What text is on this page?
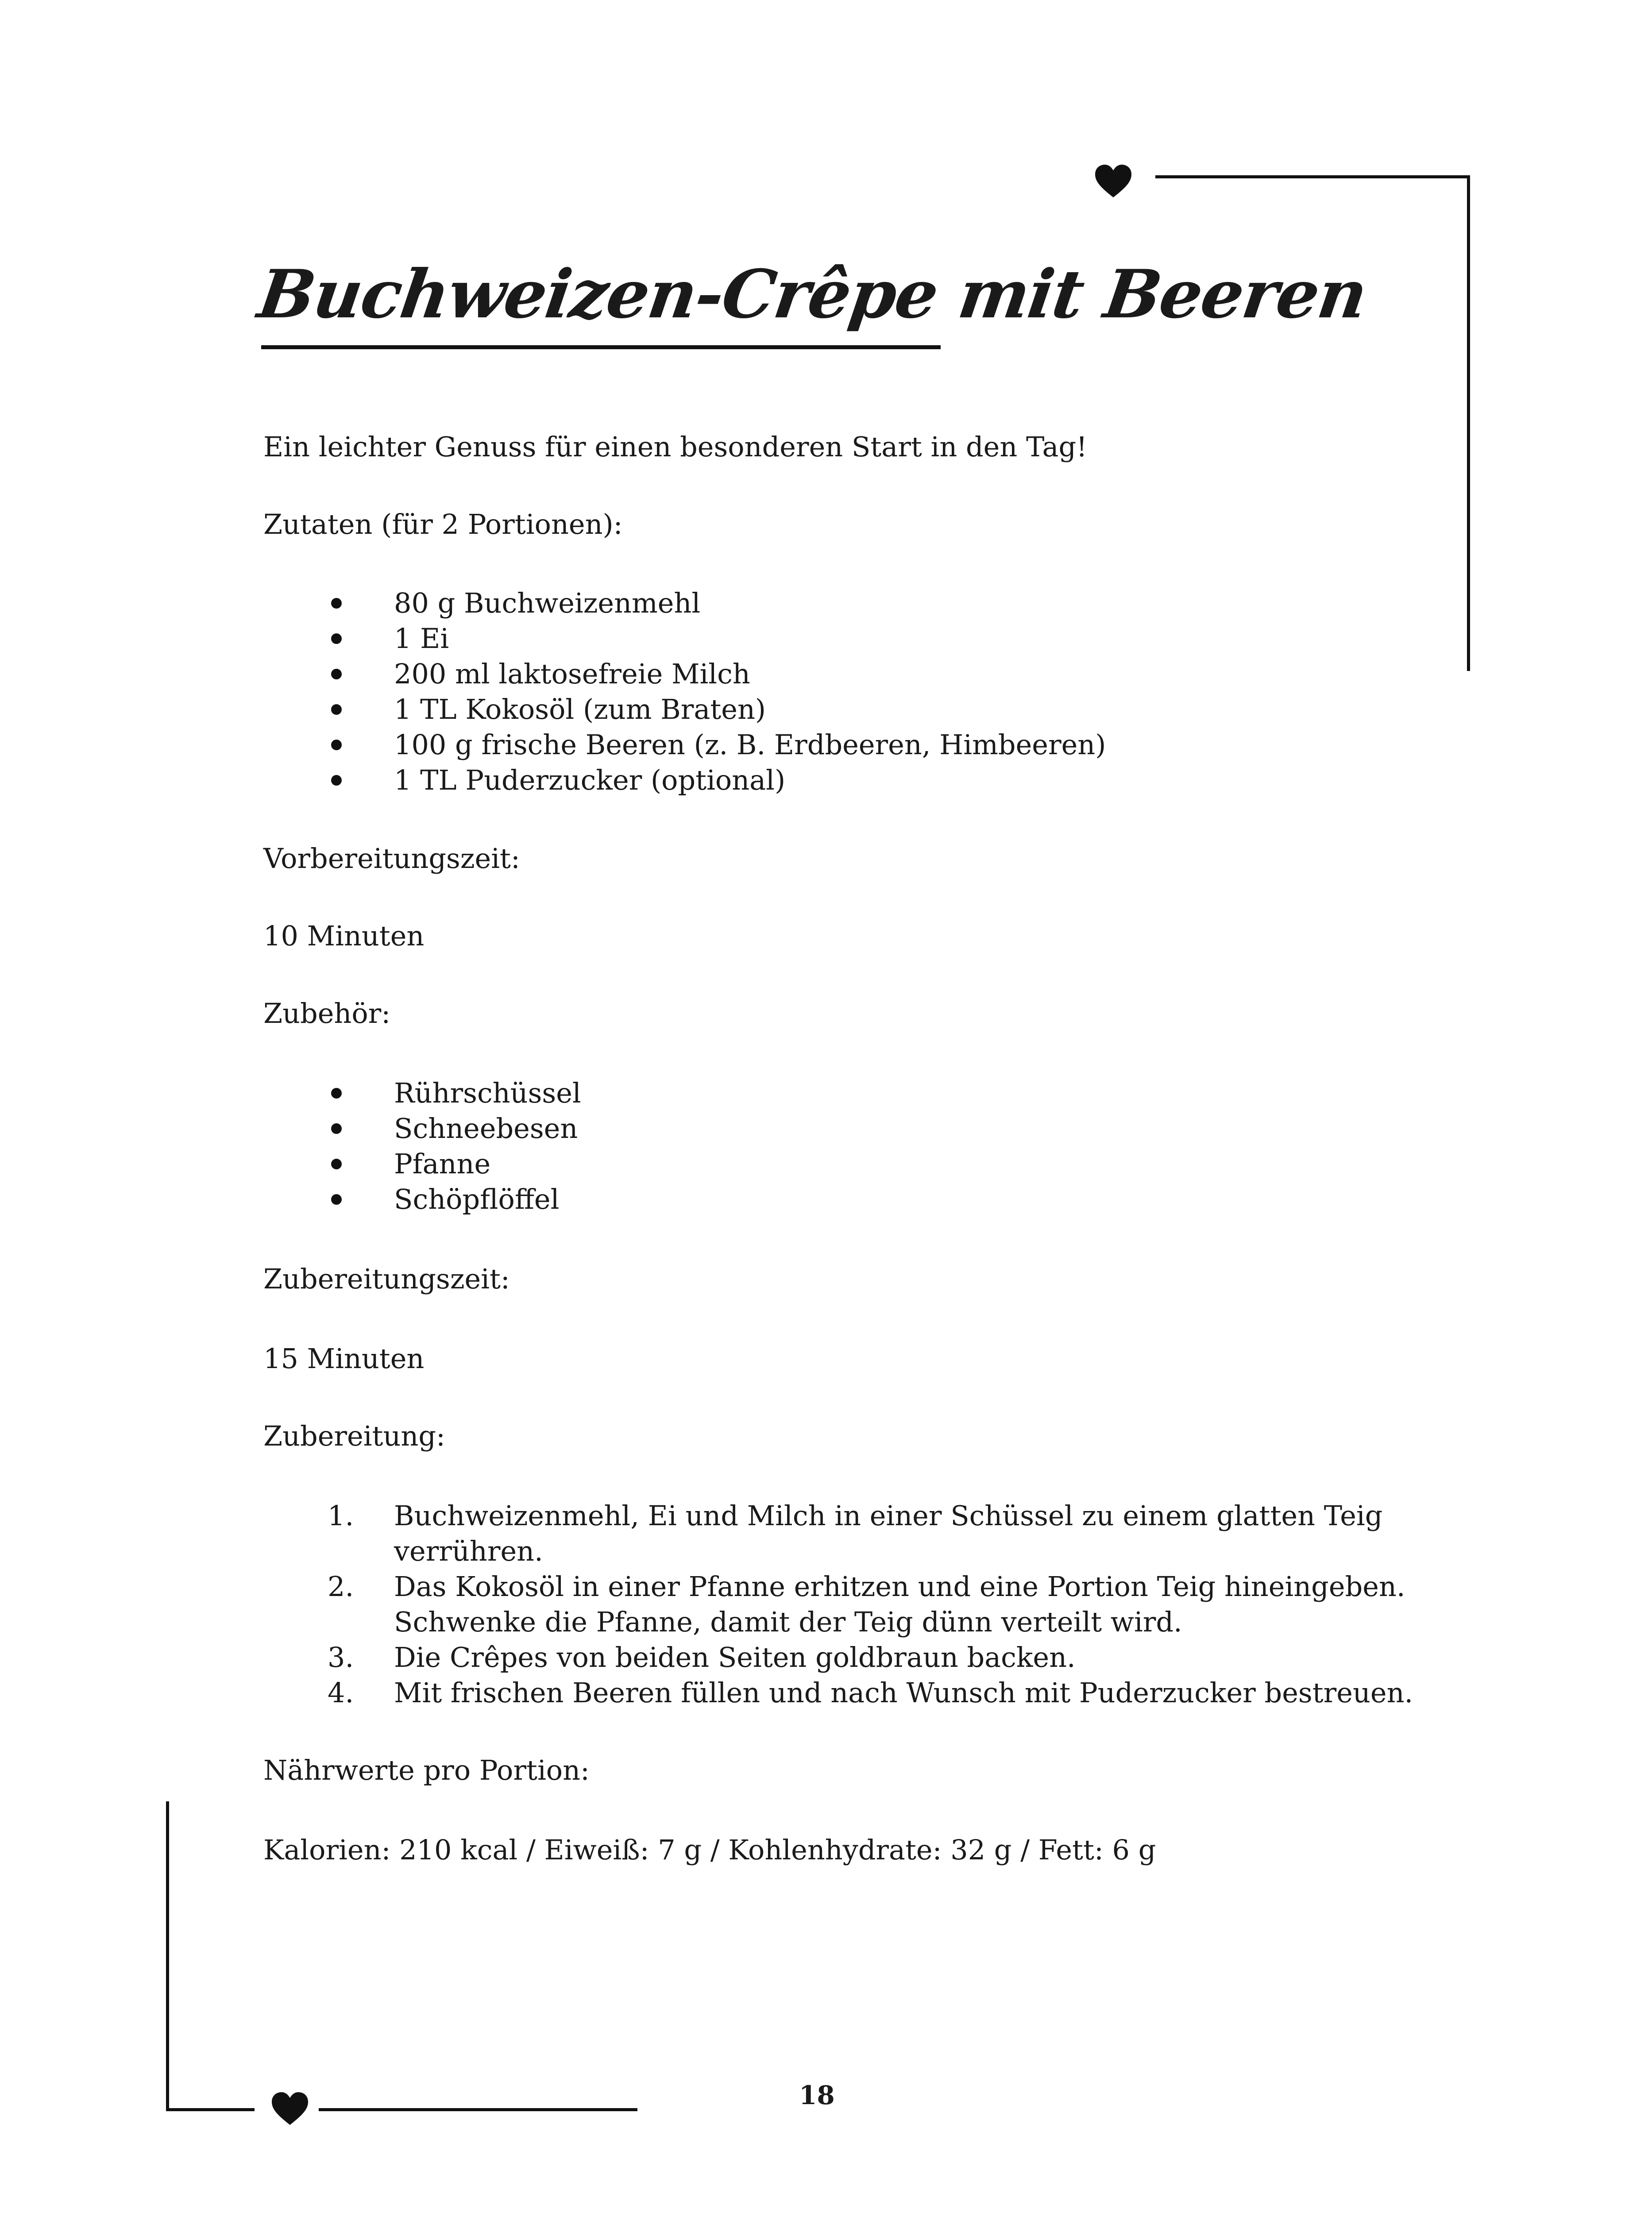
Buchweizen-Crêpe mit Beeren
Ein leichter Genuss für einen besonderen Start in den Tag!
Zutaten (für 2 Portionen):
80 g Buchweizenmehl
1 Ei
200 ml laktosefreie Milch
1 TL Kokosöl (zum Braten)
100 g frische Beeren (z. B. Erdbeeren, Himbeeren)
1 TL Puderzucker (optional)
Vorbereitungszeit:
10 Minuten
Zubehör:
Rührschüssel
Schneebesen
Pfanne
Schöpflöffel
Zubereitungszeit:
15 Minuten
Zubereitung:
1. Buchweizenmehl, Ei und Milch in einer Schüssel zu einem glatten Teig
verrühren.
2. Das Kokosöl in einer Pfanne erhitzen und eine Portion Teig hineingeben.
Schwenke die Pfanne, damit der Teig dünn verteilt wird.
3. Die Crêpes von beiden Seiten goldbraun backen.
4. Mit frischen Beeren füllen und nach Wunsch mit Puderzucker bestreuen.
Nährwerte pro Portion:
Kalorien: 210 kcal / Eiweiß: 7 g / Kohlenhydrate: 32 g / Fett: 6 g
18
